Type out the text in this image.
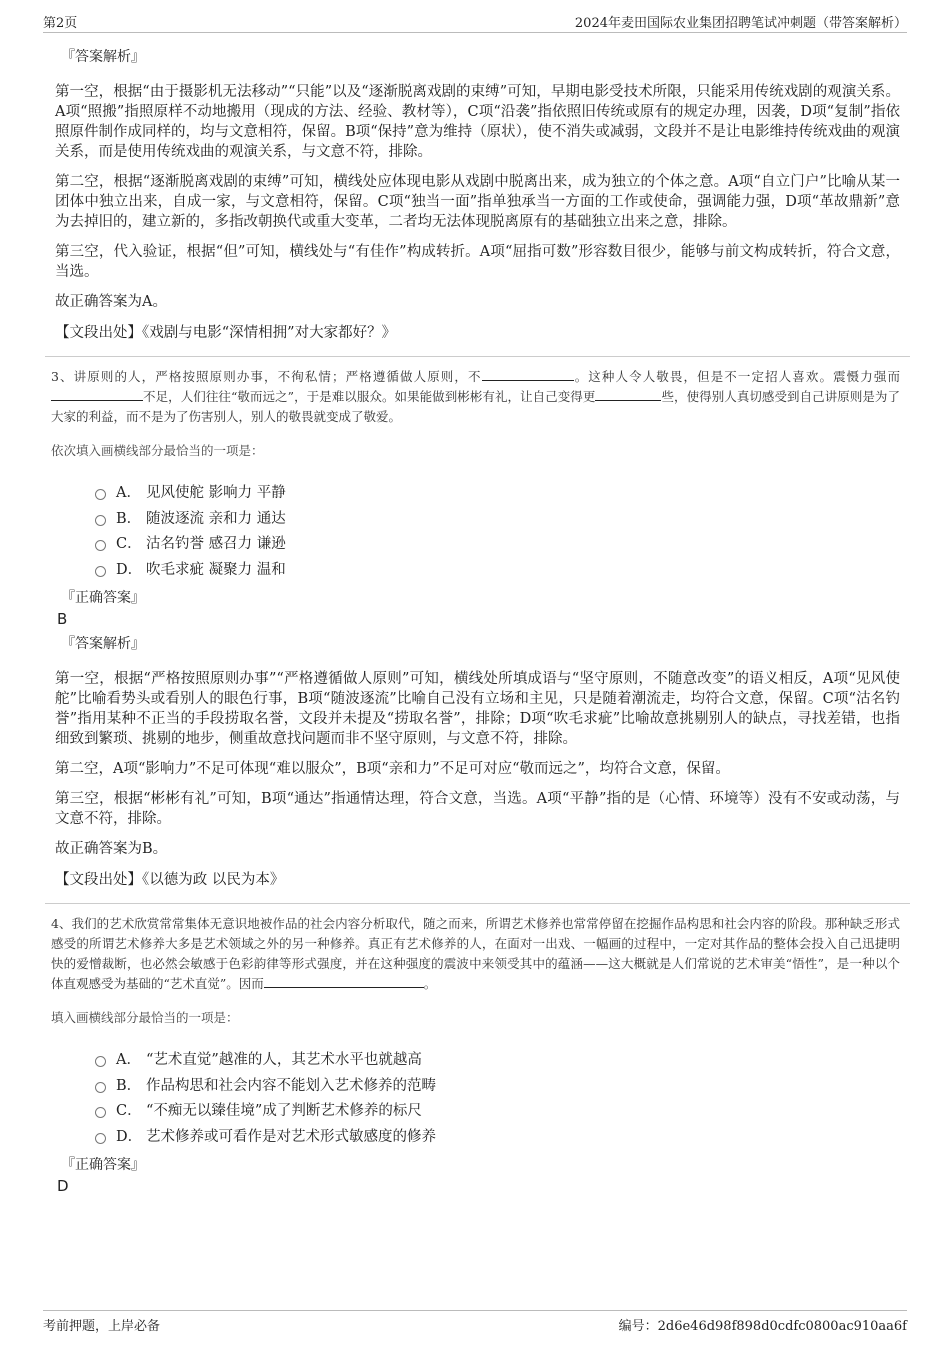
第2页	2024年麦田国际农业集团招聘笔试冲刺题（带答案解析）
『答案解析』

第一空，根据“由于摄影机无法移动”“只能”以及“逐渐脱离戏剧的束缚”可知，早期电影受技术所限，只能采用传统戏剧的观演关系。A项“照搬”指照原样不动地搬用（现成的方法、经验、教材等），C项“沿袭”指依照旧传统或原有的规定办理，因袭，D项“复制”指依照原件制作成同样的，均与文意相符，保留。B项“保持”意为维持（原状），使不消失或减弱，文段并不是让电影维持传统戏曲的观演关系，而是使用传统戏曲的观演关系，与文意不符，排除。

第二空，根据“逐渐脱离戏剧的束缚”可知，横线处应体现电影从戏剧中脱离出来，成为独立的个体之意。A项“自立门户”比喻从某一团体中独立出来，自成一家，与文意相符，保留。C项“独当一面”指单独承当一方面的工作或使命，强调能力强，D项“革故鼎新”意为去掉旧的，建立新的，多指改朝换代或重大变革，二者均无法体现脱离原有的基础独立出来之意，排除。

第三空，代入验证，根据“但”可知，横线处与“有佳作”构成转折。A项“屈指可数”形容数目很少，能够与前文构成转折，符合文意，当选。

故正确答案为A。

【文段出处】《戏剧与电影“深情相拥”对大家都好？》
3、讲原则的人，严格按照原则办事，不徇私情；严格遵循做人原则，不	。这种人令人敬畏，但是不一定招人喜欢。震慑力强而不足，人们往往“敬而远之”，于是难以服众。如果能做到彬彬有礼，让自己变得更	些，使得别人真切感受到自己讲原则是为了大家的利益，而不是为了伤害别人，别人的敬畏就变成了敬爱。
依次填入画横线部分最恰当的一项是：
A． 见风使舵 影响力 平静
B． 随波逐流 亲和力 通达
C． 沽名钓誉 感召力 谦逊
D． 吹毛求疵 凝聚力 温和
『正确答案』
B
『答案解析』

第一空，根据“严格按照原则办事”“严格遵循做人原则”可知，横线处所填成语与“坚守原则，不随意改变”的语义相反，A项“见风使舵”比喻看势头或看别人的眼色行事，B项“随波逐流”比喻自己没有立场和主见，只是随着潮流走，均符合文意，保留。C项“沽名钓誉”指用某种不正当的手段捞取名誉，文段并未提及“捞取名誉”，排除；D项“吹毛求疵”比喻故意挑剔别人的缺点，寻找差错，也指细致到繁琐、挑剔的地步，侧重故意找问题而非不坚守原则，与文意不符，排除。

第二空，A项“影响力”不足可体现“难以服众”，B项“亲和力”不足可对应“敬而远之”，均符合文意，保留。

第三空，根据“彬彬有礼”可知，B项“通达”指通情达理，符合文意，当选。A项“平静”指的是（心情、环境等）没有不安或动荡，与文意不符，排除。

故正确答案为B。

【文段出处】《以德为政 以民为本》
4、我们的艺术欣赏常常集体无意识地被作品的社会内容分析取代，随之而来，所谓艺术修养也常常停留在挖掘作品构思和社会内容的阶段。那种缺乏形式感受的所谓艺术修养大多是艺术领域之外的另一种修养。真正有艺术修养的人，在面对一出戏、一幅画的过程中，一定对其作品的整体会投入自己迅捷明快的爱憎裁断，也必然会敏感于色彩韵律等形式强度，并在这种强度的震波中来领受其中的蕴涵——这大概就是人们常说的艺术审美“悟性”，是一种以个体直观感受为基础的“艺术直觉”。因而	。
填入画横线部分最恰当的一项是：
A． “艺术直觉”越准的人，其艺术水平也就越高
B． 作品构思和社会内容不能划入艺术修养的范畴
C． “不痴无以臻佳境”成了判断艺术修养的标尺
D． 艺术修养或可看作是对艺术形式敏感度的修养
『正确答案』
D
考前押题，上岸必备	编号：2d6e46d98f898d0cdfc0800ac910aa6f
